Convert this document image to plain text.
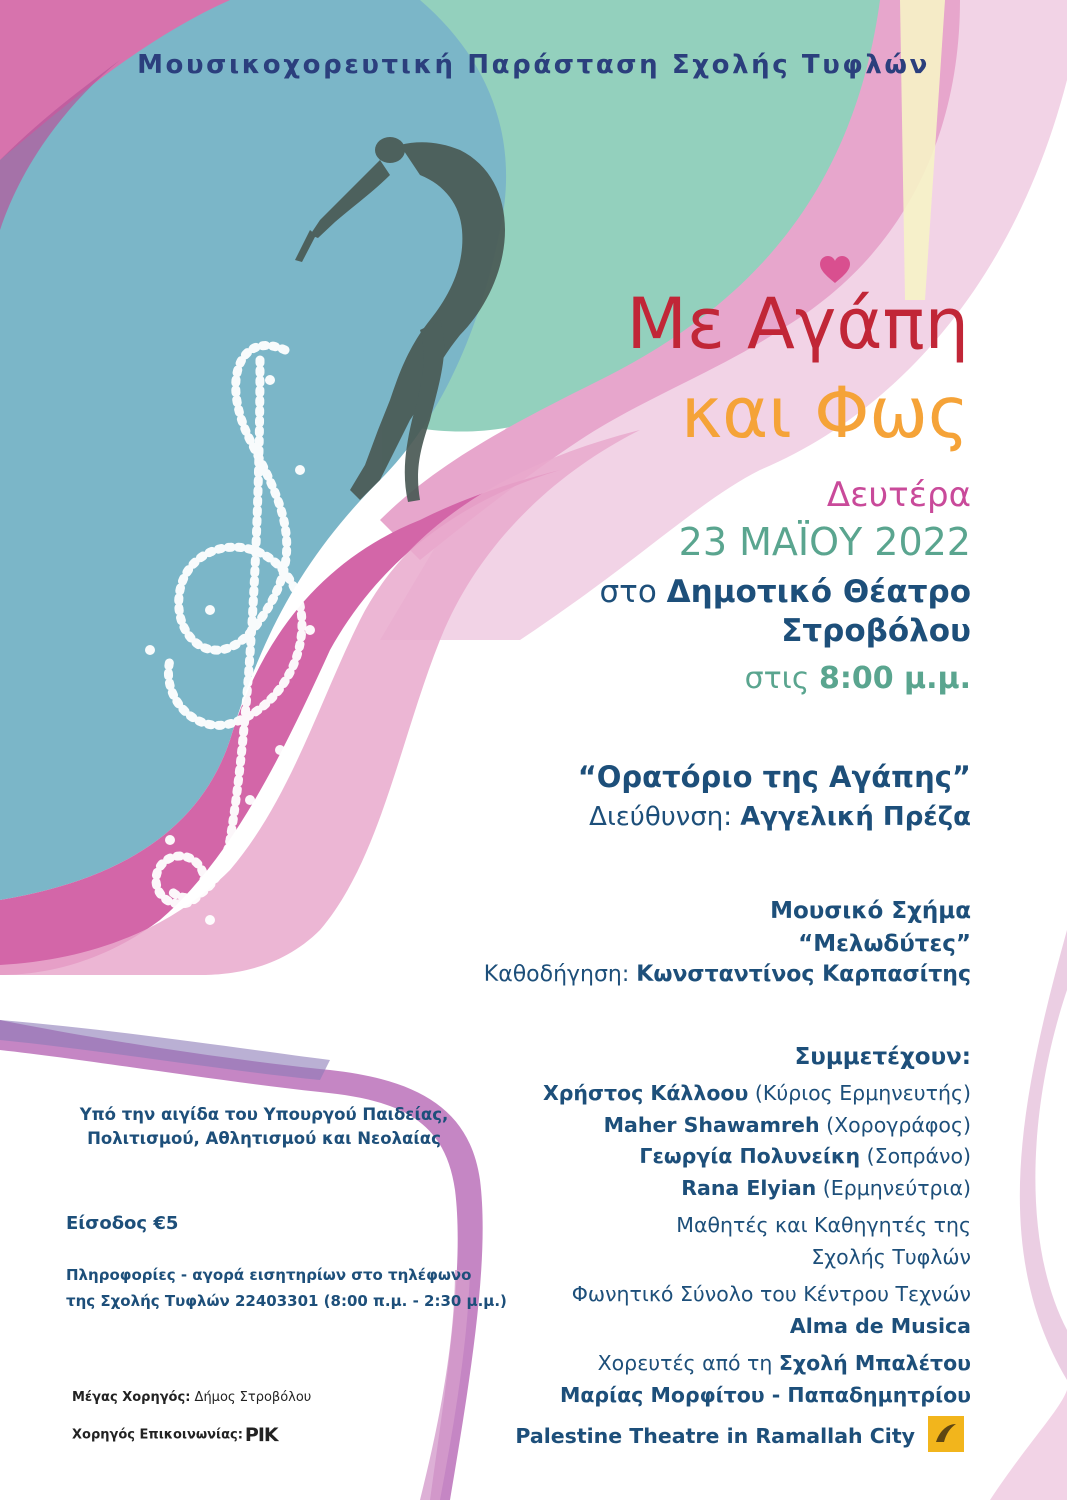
Μουσικοχορευτική Παράσταση Σχολής Τυφλών
Με Αγάπη
και Φως
Δευτέρα
23 ΜΑΪΟΥ 2022
στο Δημοτικό Θέατρο
Στροβόλου
στις 8:00 μ.μ.
“Ορατόριο της Αγάπης”
Διεύθυνση: Αγγελική Πρέζα
Μουσικό Σχήμα
“Μελωδύτες”
Καθοδήγηση: Κωνσταντίνος Καρπασίτης
Συμμετέχουν:
Χρήστος Κάλλοου (Κύριος Ερμηνευτής)
Maher Shawamreh (Χορογράφος)
Γεωργία Πολυνείκη (Σοπράνο)
Rana Elyian (Ερμηνεύτρια)
Μαθητές και Καθηγητές της
Σχολής Τυφλών
Φωνητικό Σύνολο του Κέντρου Τεχνών
Alma de Musica
Χορευτές από τη Σχολή Μπαλέτου
Μαρίας Μορφίτου - Παπαδημητρίου
Palestine Theatre in Ramallah City
Υπό την αιγίδα του Υπουργού Παιδείας,
Πολιτισμού, Αθλητισμού και Νεολαίας
Είσοδος €5
Πληροφορίες - αγορά εισητηρίων στο τηλέφωνο
της Σχολής Τυφλών 22403301 (8:00 π.μ. - 2:30 μ.μ.)
Μέγας Χορηγός: Δήμος Στροβόλου
Χορηγός Επικοινωνίας: ΡΙΚ
